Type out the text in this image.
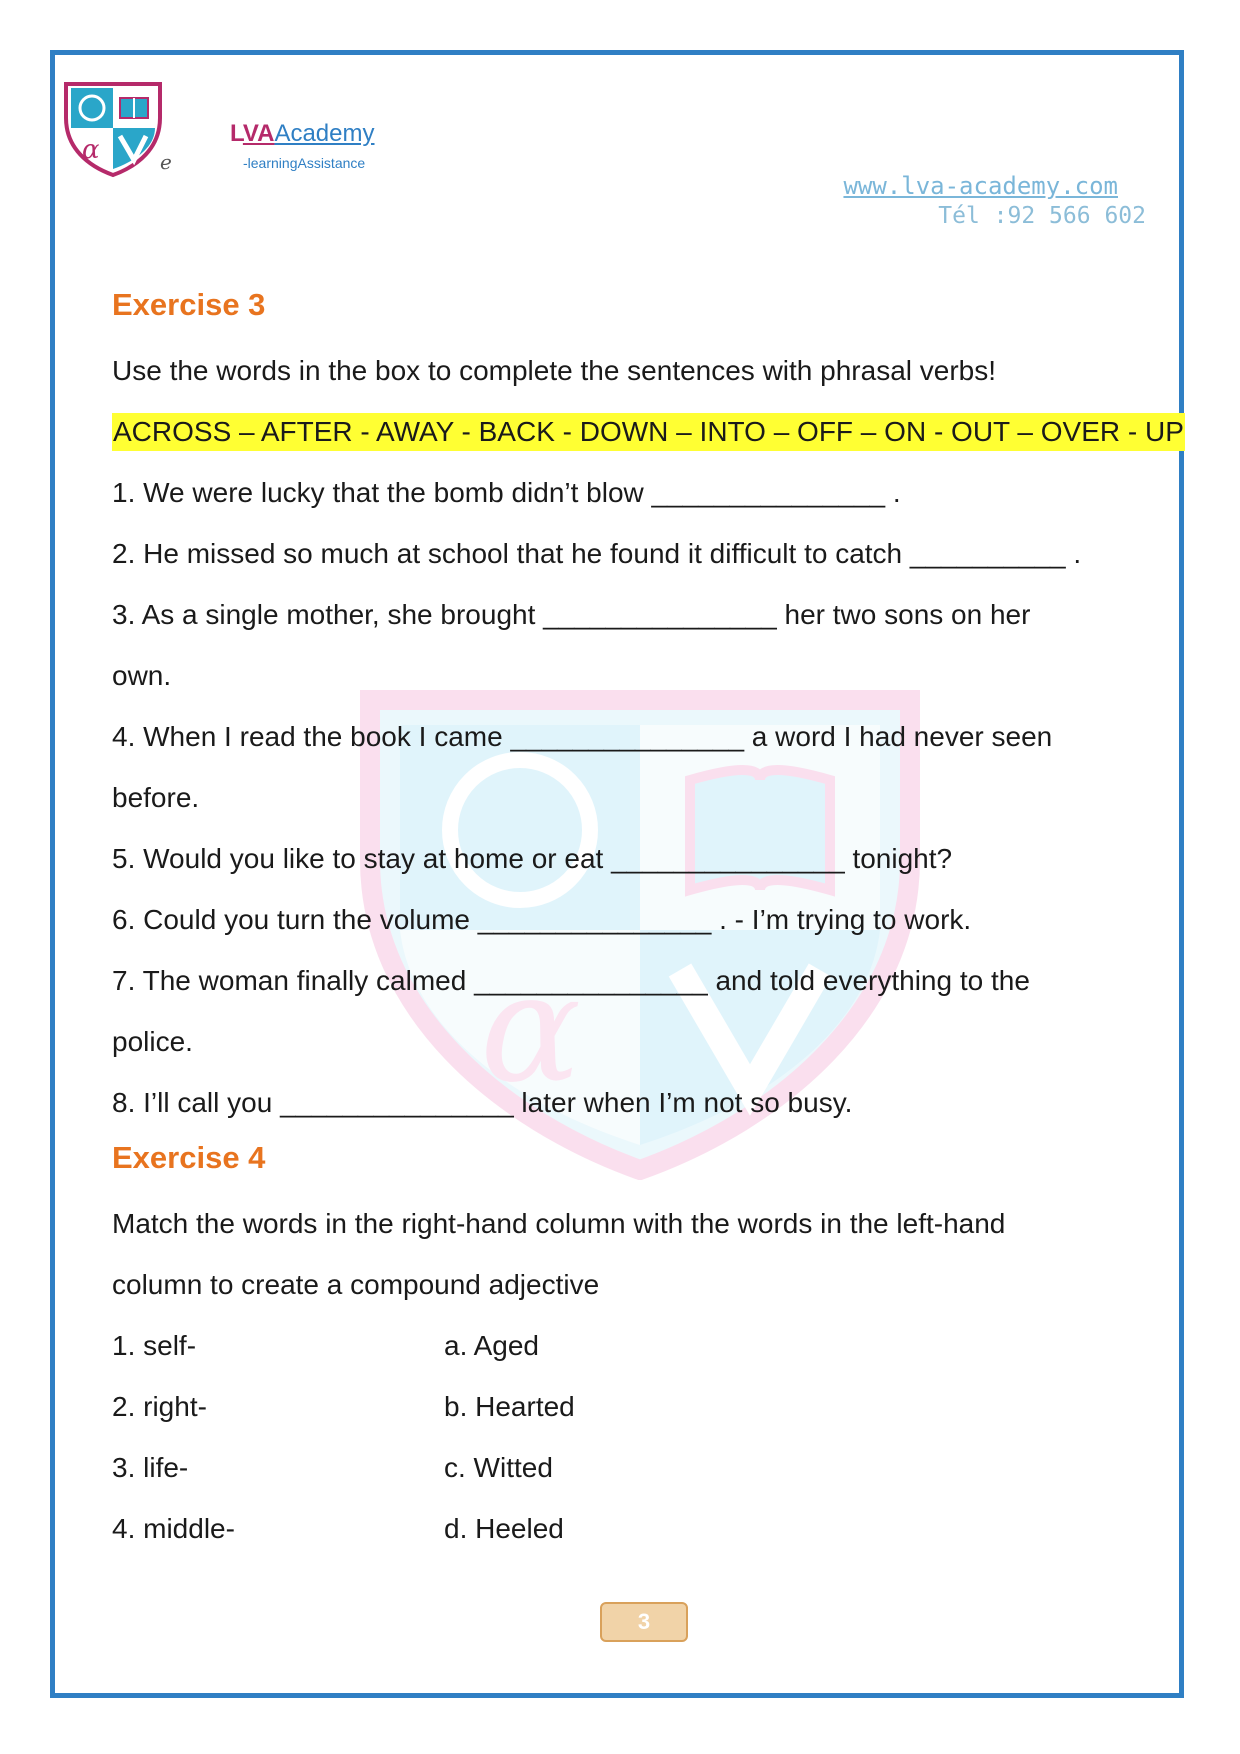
α	e
LVAAcademy
-learningAssistance
www.lva-academy.com
Tél :92 566 602
α
Exercise 3
Use the words in the box to complete the sentences with phrasal verbs!
ACROSS – AFTER - AWAY - BACK - DOWN – INTO – OFF – ON - OUT – OVER - UP
1. We were lucky that the bomb didn’t blow _______________ .
2. He missed so much at school that he found it difficult to catch __________ .
3. As a single mother, she brought _______________ her two sons on her
own.
4. When I read the book I came _______________ a word I had never seen
before.
5. Would you like to stay at home or eat _______________ tonight?
6. Could you turn the volume _______________ . - I’m trying to work.
7. The woman finally calmed _______________ and told everything to the
police.
8. I’ll call you _______________ later when I’m not so busy.
Exercise 4
Match the words in the right-hand column with the words in the left-hand
column to create a compound adjective
1. self-	a. Aged
2. right-	b. Hearted
3. life-	c. Witted
4. middle-	d. Heeled
3
